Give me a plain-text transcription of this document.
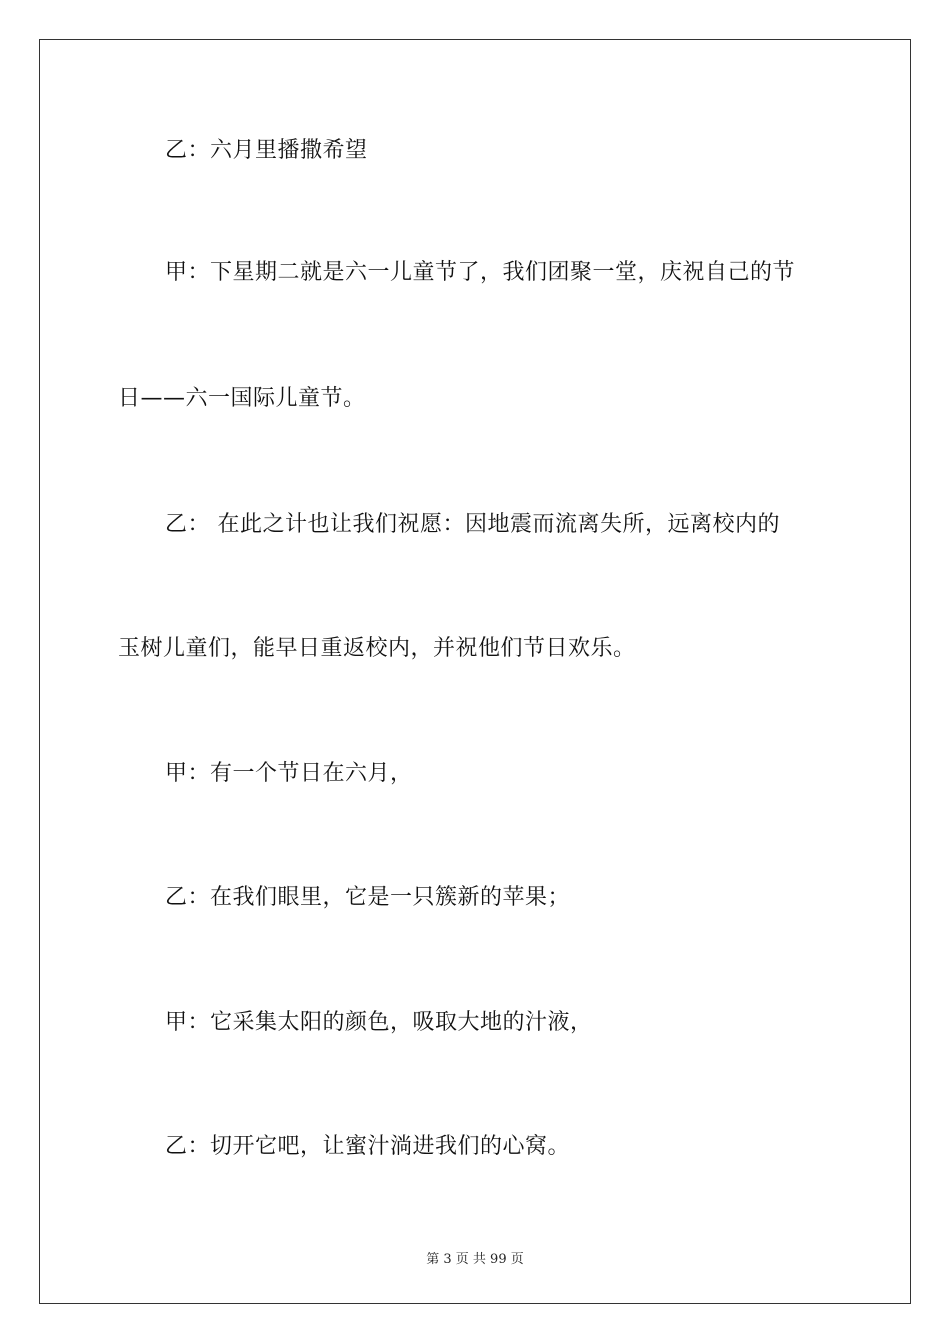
乙：六月里播撒希望
甲：下星期二就是六一儿童节了，我们团聚一堂，庆祝自己的节
日——六一国际儿童节。
乙： 在此之计也让我们祝愿：因地震而流离失所，远离校内的
玉树儿童们，能早日重返校内，并祝他们节日欢乐。
甲：有一个节日在六月，
乙：在我们眼里，它是一只簇新的苹果；
甲：它采集太阳的颜色，吸取大地的汁液，
乙：切开它吧，让蜜汁淌进我们的心窝。
第 3 页 共 99 页
